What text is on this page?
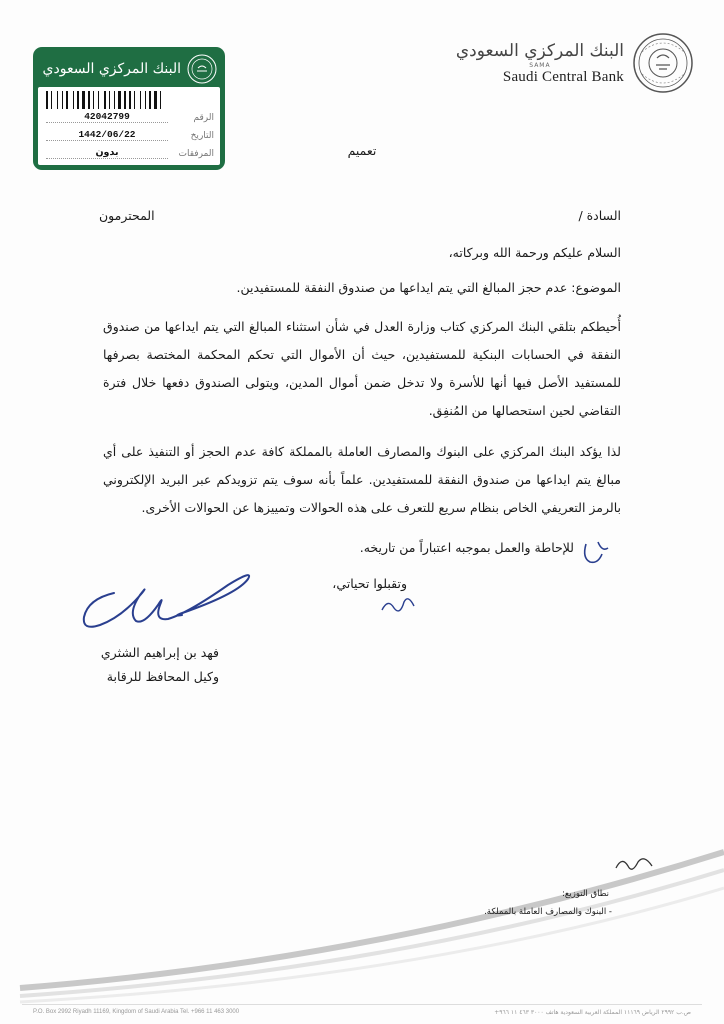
البنك المركزي السعودي
SAMA
Saudi Central Bank
البنك المركزي السعودي
الرقم
42042799
التاريخ
1442/06/22
المرفقات
بدون	تعميم
السادة /
المحترمون
السلام عليكم ورحمة الله وبركاته،
الموضوع: عدم حجز المبالغ التي يتم ايداعها من صندوق النفقة للمستفيدين.
أُحيطكم بتلقي البنك المركزي كتاب وزارة العدل في شأن استثناء المبالغ التي يتم ايداعها من صندوق النفقة في الحسابات البنكية للمستفيدين، حيث أن الأموال التي تحكم المحكمة المختصة بصرفها للمستفيد الأصل فيها أنها للأسرة ولا تدخل ضمن أموال المدين، ويتولى الصندوق دفعها خلال فترة التقاضي لحين استحصالها من المُنفِق.
لذا يؤكد البنك المركزي على البنوك والمصارف العاملة بالمملكة كافة عدم الحجز أو التنفيذ على أي مبالغ يتم ايداعها من صندوق النفقة للمستفيدين. علماً بأنه سوف يتم تزويدكم عبر البريد الإلكتروني بالرمز التعريفي الخاص بنظام سريع للتعرف على هذه الحوالات وتمييزها عن الحوالات الأخرى.
للإحاطة والعمل بموجبه اعتباراً من تاريخه.
وتقبلوا تحياتي،
فهد بن إبراهيم الشثري
وكيل المحافظ للرقابة
نطاق التوزيع:
- البنوك والمصارف العاملة بالمملكة.
P.O. Box 2992 Riyadh 11169, Kingdom of Saudi Arabia Tel. +966 11 463 3000	ص.ب ٢٩٩٢ الرياض ١١١٦٩ المملكة العربية السعودية هاتف ٣٠٠٠ ٤٦٣ ١١ ٩٦٦+
